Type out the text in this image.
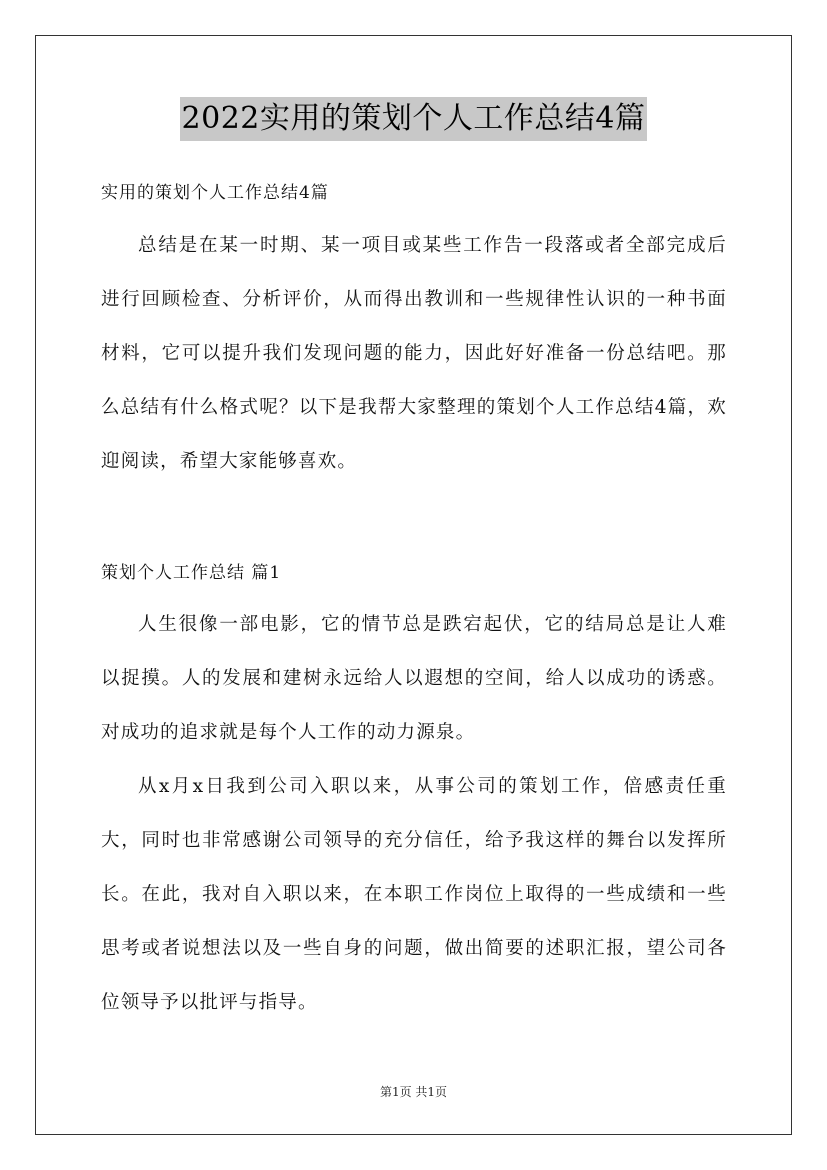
2022实用的策划个人工作总结4篇
实用的策划个人工作总结4篇

总结是在某一时期、某一项目或某些工作告一段落或者全部完成后进行回顾检查、分析评价，从而得出教训和一些规律性认识的一种书面材料，它可以提升我们发现问题的能力，因此好好准备一份总结吧。那么总结有什么格式呢？以下是我帮大家整理的策划个人工作总结4篇，欢迎阅读，希望大家能够喜欢。

策划个人工作总结 篇1

人生很像一部电影，它的情节总是跌宕起伏，它的结局总是让人难以捉摸。人的发展和建树永远给人以遐想的空间，给人以成功的诱惑。对成功的追求就是每个人工作的动力源泉。

从x月x日我到公司入职以来，从事公司的策划工作，倍感责任重大，同时也非常感谢公司领导的充分信任，给予我这样的舞台以发挥所长。在此，我对自入职以来，在本职工作岗位上取得的一些成绩和一些思考或者说想法以及一些自身的问题，做出简要的述职汇报，望公司各位领导予以批评与指导。

第1页 共1页
